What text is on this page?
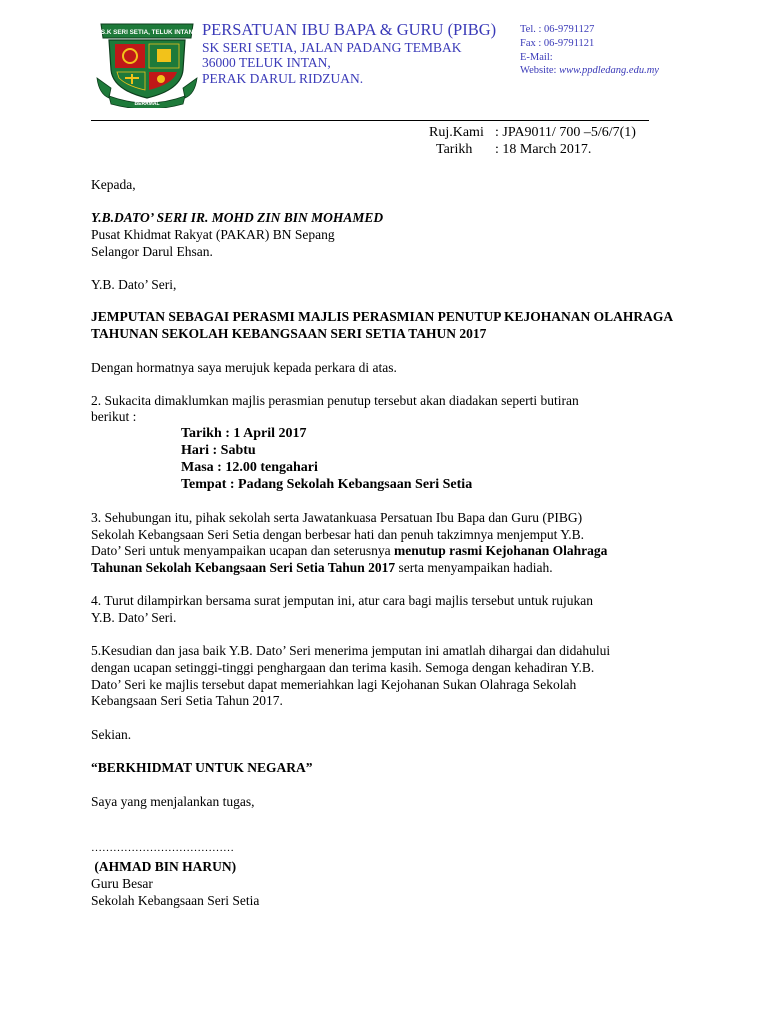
S.K SERI SETIA, TELUK INTAN
BERAMAL
PERSATUAN IBU BAPA & GURU (PIBG)
SK SERI SETIA, JALAN PADANG TEMBAK
36000 TELUK INTAN,
PERAK DARUL RIDZUAN.
Tel. : 06-9791127
Fax : 06-9791121
E-Mail:
Website: www.ppdledang.edu.my
Ruj.Kami : JPA9011/ 700 –5/6/7(1)
Tarikh : 18 March 2017.
Kepada,
Y.B.DATO’ SERI IR. MOHD ZIN BIN MOHAMED
Pusat Khidmat Rakyat (PAKAR) BN Sepang
Selangor Darul Ehsan.
Y.B. Dato’ Seri,
JEMPUTAN SEBAGAI PERASMI MAJLIS PERASMIAN PENUTUP KEJOHANAN OLAHRAGA
TAHUNAN SEKOLAH KEBANGSAAN SERI SETIA TAHUN 2017
Dengan hormatnya saya merujuk kepada perkara di atas.
2. Sukacita dimaklumkan majlis perasmian penutup tersebut akan diadakan seperti butiran
berikut :
Tarikh : 1 April 2017
Hari : Sabtu
Masa : 12.00 tengahari
Tempat : Padang Sekolah Kebangsaan Seri Setia
3. Sehubungan itu, pihak sekolah serta Jawatankuasa Persatuan Ibu Bapa dan Guru (PIBG)
Sekolah Kebangsaan Seri Setia dengan berbesar hati dan penuh takzimnya menjemput Y.B.
Dato’ Seri untuk menyampaikan ucapan dan seterusnya menutup rasmi Kejohanan Olahraga
Tahunan Sekolah Kebangsaan Seri Setia Tahun 2017 serta menyampaikan hadiah.
4. Turut dilampirkan bersama surat jemputan ini, atur cara bagi majlis tersebut untuk rujukan
Y.B. Dato’ Seri.
5.Kesudian dan jasa baik Y.B. Dato’ Seri menerima jemputan ini amatlah dihargai dan didahului
dengan ucapan setinggi-tinggi penghargaan dan terima kasih. Semoga dengan kehadiran Y.B.
Dato’ Seri ke majlis tersebut dapat memeriahkan lagi Kejohanan Sukan Olahraga Sekolah
Kebangsaan Seri Setia Tahun 2017.
Sekian.
“BERKHIDMAT UNTUK NEGARA”
Saya yang menjalankan tugas,
…………………………………
(AHMAD BIN HARUN)
Guru Besar
Sekolah Kebangsaan Seri Setia
